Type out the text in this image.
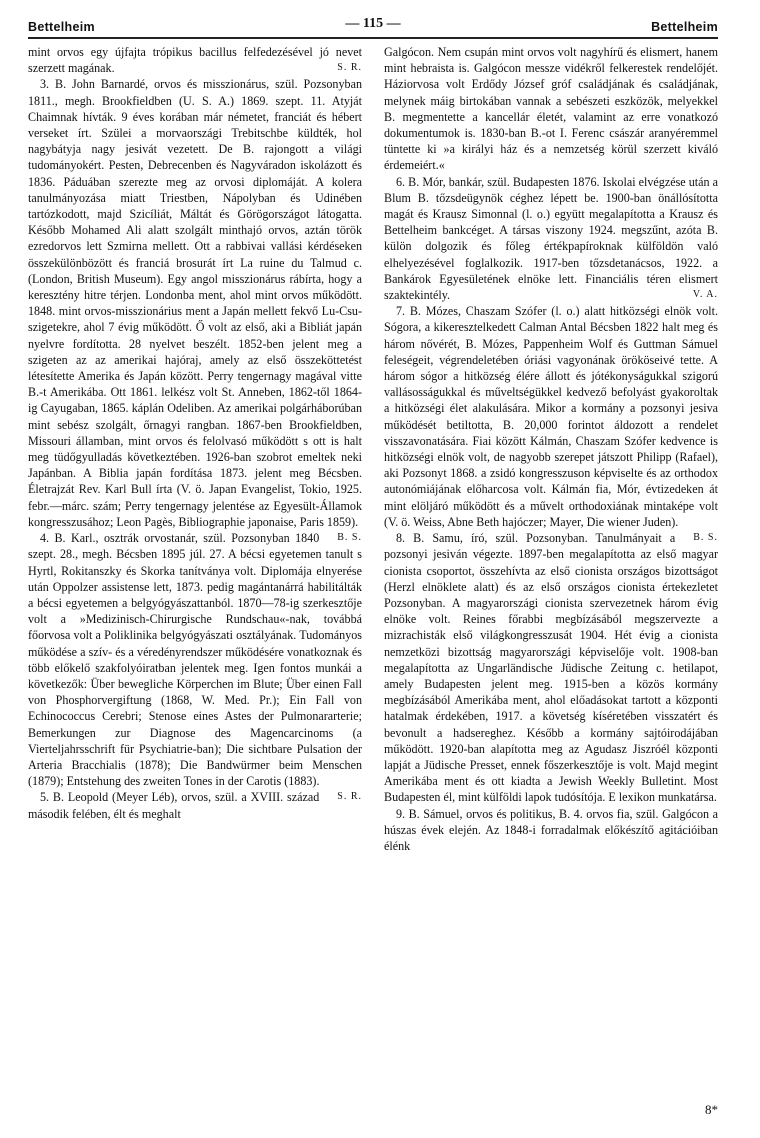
Bettelheim	— 115 —	Bettelheim

mint orvos egy újfajta trópikus bacillus felfedezésével jó nevet szerzett magának.	S. R.

3. B. John Barnardé, orvos és misszionárus, szül. Pozsonyban 1811., megh. Brookfieldben (U. S. A.) 1869. szept. 11. Atyját Chaimnak hívták. 9 éves korában már németet, franciát és hébert verseket írt. Szülei a morvaországi Trebitschbe küldték, hol nagybátyja nagy jesivát vezetett. De B. rajongott a világi tudományokért. Pesten, Debrecenben és Nagyváradon iskolázott és 1836. Páduában szerezte meg az orvosi diplomáját. A kolera tanulmányozása miatt Triestben, Nápolyban és Udinében tartózkodott, majd Szicíliát, Máltát és Görögországot látogatta. Később Mohamed Ali alatt szolgált minthajó orvos, aztán török ezredorvos lett Szmirna mellett. Ott a rabbivai vallási kérdéseken összekülönbözött és franciá brosurát írt La ruine du Talmud c. (London, British Museum). Egy angol misszionárus rábírta, hogy a keresztény hitre térjen. Londonba ment, ahol mint orvos működött. 1848. mint orvos-misszionárius ment a Japán mellett fekvő Lu-Csu-szigetekre, ahol 7 évig működött. Ő volt az első, aki a Bibliát japán nyelvre fordította. 28 nyelvet beszélt. 1852-ben jelent meg a szigeten az az amerikai hajóraj, amely az első összeköttetést létesítette Amerika és Japán között. Perry tengernagy magával vitte B.-t Amerikába. Ott 1861. lelkész volt St. Anneben, 1862-től 1864-ig Cayugaban, 1865. káplán Odeliben. Az amerikai polgárháborúban mint sebész szolgált, őrnagyi rangban. 1867-ben Brookfieldben, Missouri államban, mint orvos és felolvasó működött s ott is halt meg tüdőgyulladás következtében. 1926-ban szobrot emeltek neki Japánban. A Biblia japán fordítása 1873. jelent meg Bécsben. Életrajzát Rev. Karl Bull írta (V. ö. Japan Evangelist, Tokio, 1925. febr.—márc. szám; Perry tengernagy jelentése az Egyesült-Államok kongresszusához; Leon Pagès, Bibliographie japonaise, Paris 1859).
B. S.

4. B. Karl., osztrák orvostanár, szül. Pozsonyban 1840 szept. 28., megh. Bécsben 1895 júl. 27. A bécsi egyetemen tanult s Hyrtl, Rokitanszky és Skorka tanítványa volt. Diplomája elnyerése után Oppolzer assistense lett, 1873. pedig magántanárrá habilitálták a bécsi egyetemen a belgyógyászattanból. 1870—78-ig szerkesztője volt a »Medizinisch-Chirurgische Rundschau«-nak, továbbá főorvosa volt a Poliklinika belgyógyászati osztályának. Tudományos működése a szív- és a véredényrendszer működésére vonatkoznak és több előkelő szakfolyóiratban jelentek meg. Igen fontos munkái a következők: Über bewegliche Körperchen im Blute; Über einen Fall von Phosphorvergiftung (1868, W. Med. Pr.); Ein Fall von Echinococcus Cerebri; Stenose eines Astes der Pulmonararterie; Bemerkungen zur Diagnose des Magencarcinoms (a Vierteljahrsschrift für Psychiatrie-ban); Die sichtbare Pulsation der Arteria Bracchialis (1878); Die Bandwürmer beim Menschen (1879); Entstehung des zweiten Tones in der Carotis (1883).
S. R.

5. B. Leopold (Meyer Léb), orvos, szül. a XVIII. század második felében, élt és meghalt

Galgócon. Nem csupán mint orvos volt nagyhírű és elismert, hanem mint hebraista is. Galgócon messze vidékről felkerestek rendelőjét. Háziorvosa volt Erdődy József gróf családjának és családjának, melynek máig birtokában vannak a sebészeti eszközök, melyekkel B. megmentette a kancellár életét, valamint az erre vonatkozó dokumentumok is. 1830-ban B.-ot I. Ferenc császár aranyéremmel tüntette ki »a királyi ház és a nemzetség körül szerzett kiváló érdemeiért.«

6. B. Mór, bankár, szül. Budapesten 1876. Iskolai elvégzése után a Blum B. tőzsdeügynök céghez lépett be. 1900-ban önállósította magát és Krausz Simonnal (l. o.) együtt megalapította a Krausz és Bettelheim bankcéget. A társas viszony 1924. megszűnt, azóta B. külön dolgozik és főleg értékpapíroknak külföldön való elhelyezésével foglalkozik. 1917-ben tőzsdetanácsos, 1922. a Bankárok Egyesületének elnöke lett. Financiális téren elismert szaktekintély.	V. A.

7. B. Mózes, Chaszam Szófer (l. o.) alatt hitközségi elnök volt. Sógora, a kikeresztelkedett Calman Antal Bécsben 1822 halt meg és három nővérét, B. Mózes, Pappenheim Wolf és Guttman Sámuel feleségeit, végrendeletében óriási vagyonának örököseivé tette. A három sógor a hitközség élére állott és jótékonyságukkal szigorú vallásosságukkal és műveltségükkel kedvező befolyást gyakoroltak a hitközségi élet alakulására. Mikor a kormány a pozsonyi jesiva működését betiltotta, B. 20,000 forintot áldozott a rendelet visszavonatására. Fiai között Kálmán, Chaszam Szófer kedvence is hitközségi elnök volt, de nagyobb szerepet játszott Philipp (Rafael), aki Pozsonyt 1868. a zsidó kongresszuson képviselte és az orthodox autonómiájának előharcosa volt. Kálmán fia, Mór, évtizedeken át mint elöljáró működött és a művelt orthodoxiának mintaképe volt (V. ö. Weiss, Abne Beth hajóczer; Mayer, Die wiener Juden).
B. S.

8. B. Samu, író, szül. Pozsonyban. Tanulmányait a pozsonyi jesiván végezte. 1897-ben megalapította az első magyar cionista csoportot, összehívta az első cionista országos bizottságot (Herzl elnöklete alatt) és az első országos cionista értekezletet Pozsonyban. A magyarországi cionista szervezetnek három évig elnöke volt. Reines főrabbi megbízásából megszervezte a mizrachisták első világkongresszusát 1904. Hét évig a cionista nemzetközi bizottság magyarországi képviselője volt. 1908-ban megalapította az Ungarländische Jüdische Zeitung c. hetilapot, amely Budapesten jelent meg. 1915-ben a közös kormány megbízásából Amerikába ment, ahol előadásokat tartott a központi hatalmak érdekében, 1917. a követség kíséretében visszatért és bevonult a hadsereghez. Később a kormány sajtóirodájában működött. 1920-ban alapította meg az Agudasz Jiszróél központi lapját a Jüdische Presset, ennek főszerkesztője is volt. Majd megint Amerikába ment és ott kiadta a Jewish Weekly Bulletint. Most Budapesten él, mint külföldi lapok tudósítója. E lexikon munkatársa.

9. B. Sámuel, orvos és politikus, B. 4. orvos fia, szül. Galgócon a húszas évek elején. Az 1848-i forradalmak előkészítő agitációiban élénk

8*
